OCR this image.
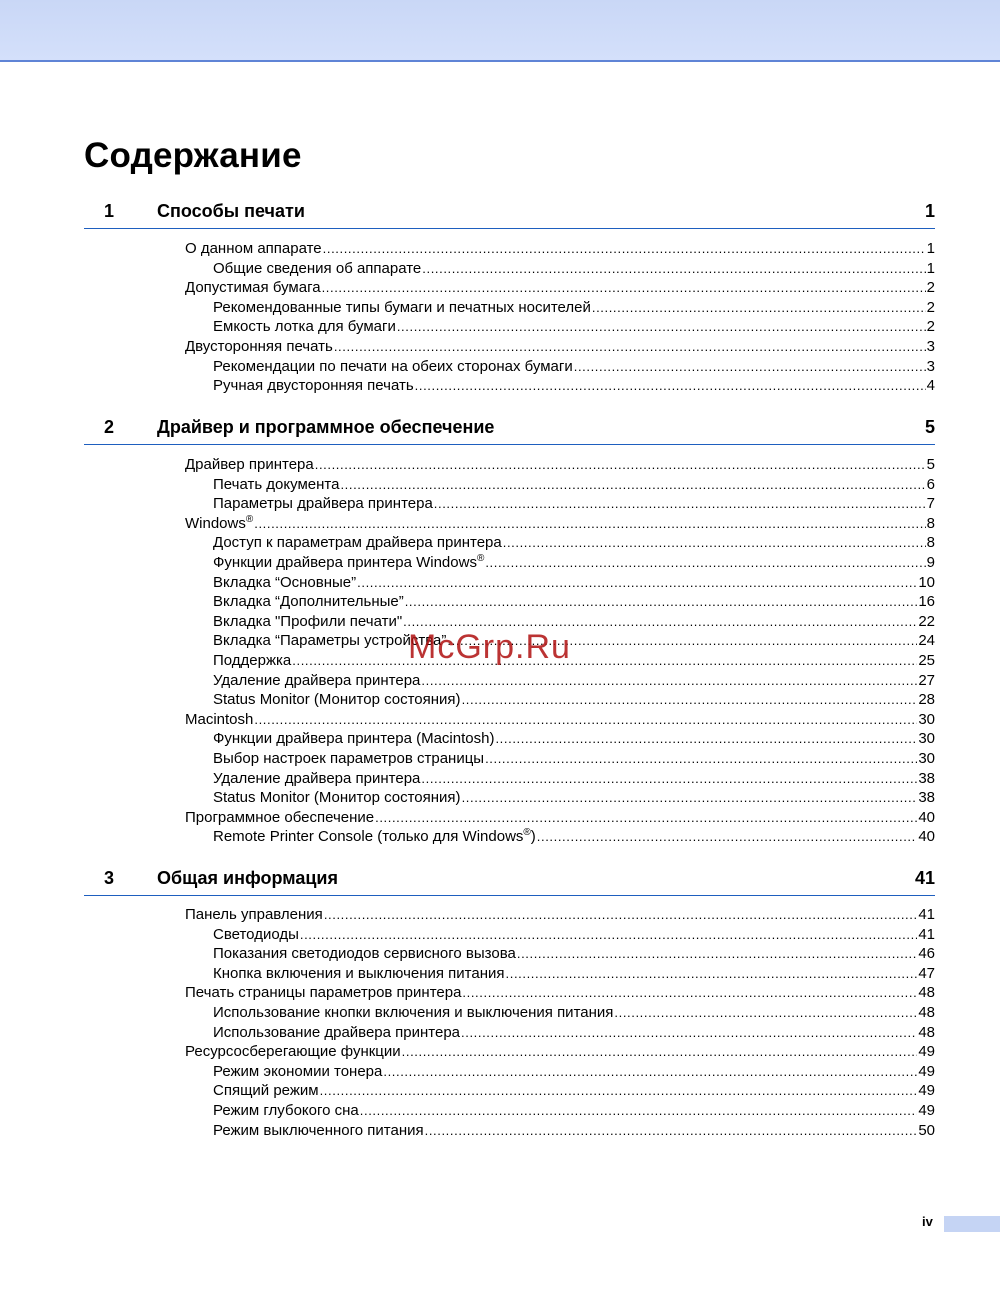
Содержание
1 Способы печати	1
О данном аппарате .....	1
Общие сведения об аппарате .....	1
Допустимая бумага .....	2
Рекомендованные типы бумаги и печатных носителей .....	2
Емкость лотка для бумаги .....	2
Двусторонняя печать .....	3
Рекомендации по печати на обеих сторонах бумаги .....	3
Ручная двусторонняя печать .....	4
2 Драйвер и программное обеспечение	5
Драйвер принтера .....	5
Печать документа .....	6
Параметры драйвера принтера .....	7
Windows® .....	8
Доступ к параметрам драйвера принтера .....	8
Функции драйвера принтера Windows® .....	9
Вкладка “Основные” .....	10
Вкладка “Дополнительные” .....	16
Вкладка "Профили печати" .....	22
Вкладка “Параметры устройства” .....	24
Поддержка .....	25
Удаление драйвера принтера .....	27
Status Monitor (Монитор состояния) .....	28
Macintosh .....	30
Функции драйвера принтера (Macintosh) .....	30
Выбор настроек параметров страницы .....	30
Удаление драйвера принтера .....	38
Status Monitor (Монитор состояния) .....	38
Программное обеспечение .....	40
Remote Printer Console (только для Windows®) .....	40
3 Общая информация	41
Панель управления .....	41
Светодиоды .....	41
Показания светодиодов сервисного вызова .....	46
Кнопка включения и выключения питания .....	47
Печать страницы параметров принтера .....	48
Использование кнопки включения и выключения питания .....	48
Использование драйвера принтера .....	48
Ресурсосберегающие функции .....	49
Режим экономии тонера .....	49
Спящий режим .....	49
Режим глубокого сна .....	49
Режим выключенного питания .....	50
McGrp.Ru
iv
